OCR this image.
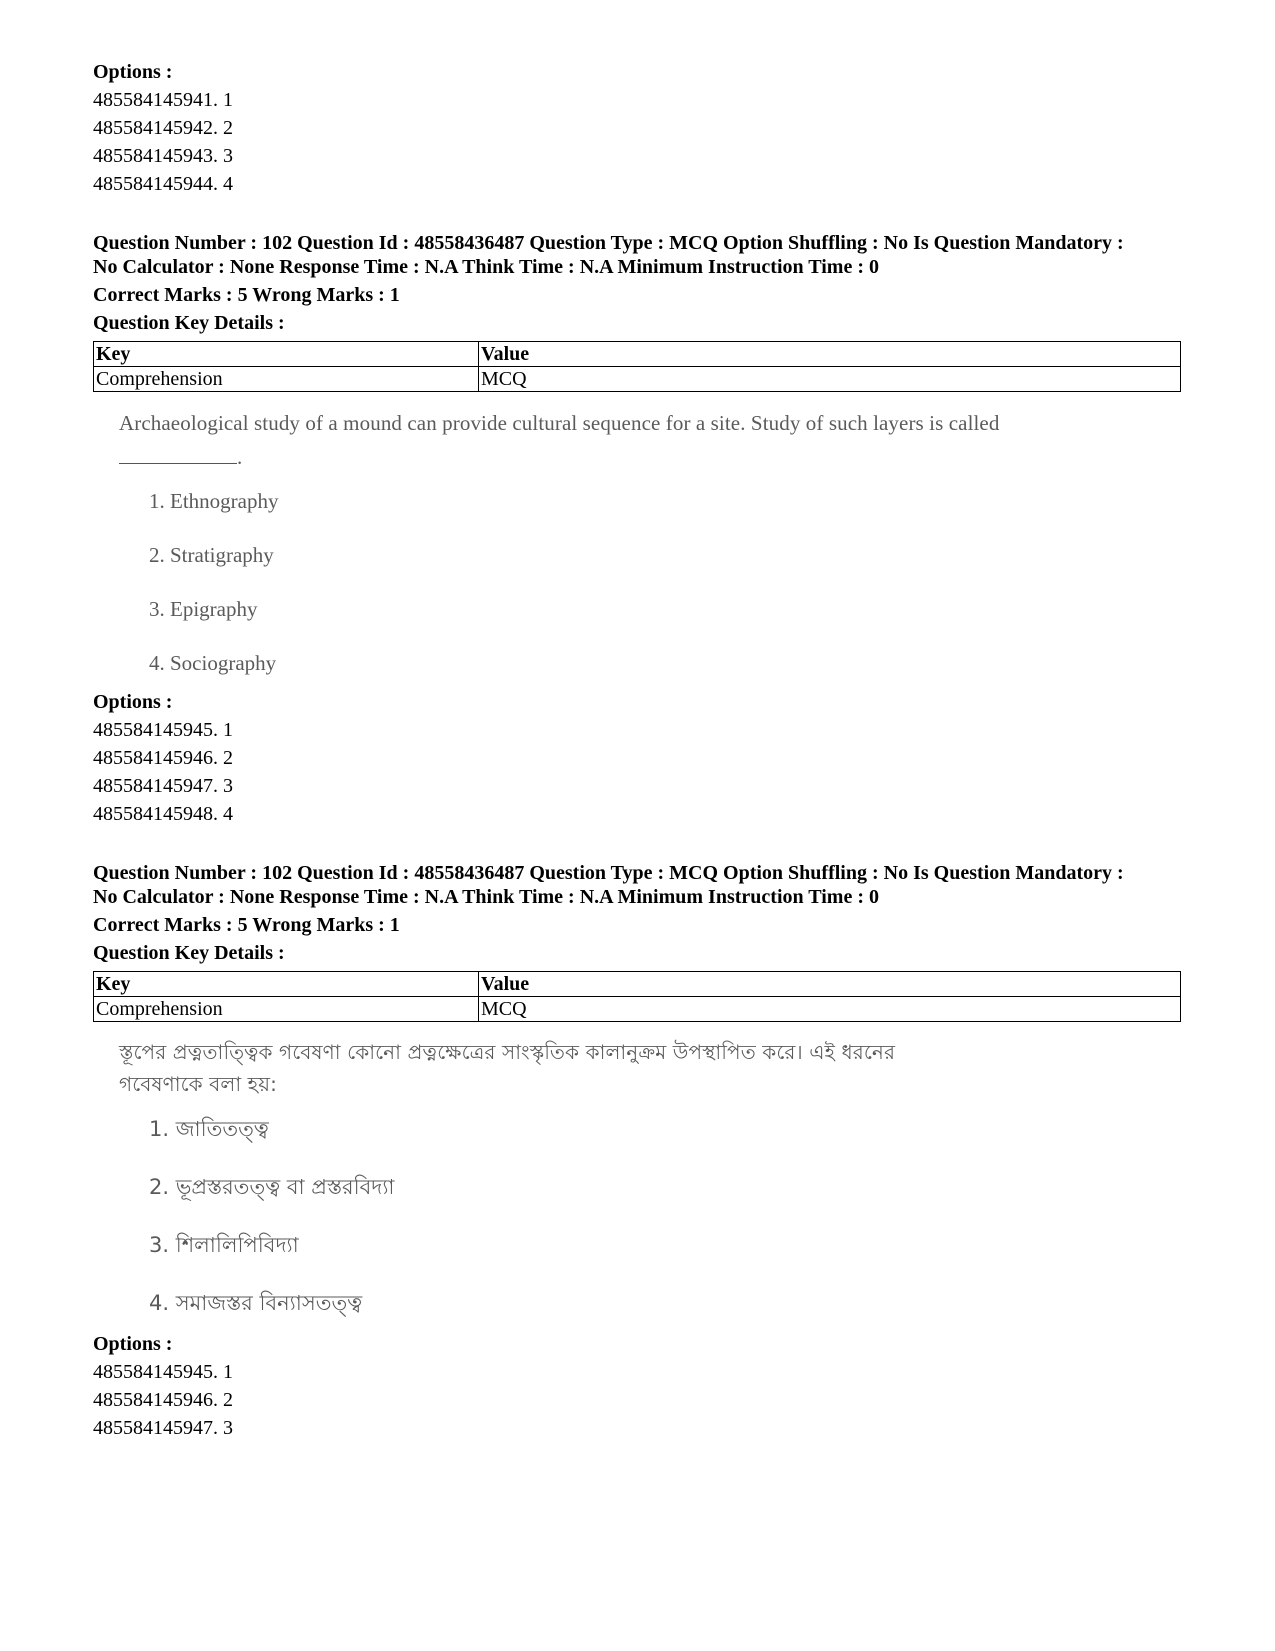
Options :

485584145941. 1

485584145942. 2

485584145943. 3

485584145944. 4

Question Number : 102 Question Id : 48558436487 Question Type : MCQ Option Shuffling : No Is Question Mandatory :
No Calculator : None Response Time : N.A Think Time : N.A Minimum Instruction Time : 0

Correct Marks : 5 Wrong Marks : 1

Question Key Details :

Key	Value
Comprehension	MCQ

Archaeological study of a mound can provide cultural sequence for a site. Study of such layers is called
.

1. Ethnography
2. Stratigraphy
3. Epigraphy
4. Sociography

Options :

485584145945. 1

485584145946. 2

485584145947. 3

485584145948. 4

Question Number : 102 Question Id : 48558436487 Question Type : MCQ Option Shuffling : No Is Question Mandatory :
No Calculator : None Response Time : N.A Think Time : N.A Minimum Instruction Time : 0

Correct Marks : 5 Wrong Marks : 1

Question Key Details :

Key	Value
Comprehension	MCQ

স্তূপের প্রত্নতাত্ত্বিক গবেষণা কোনো প্রত্নক্ষেত্রের সাংস্কৃতিক কালানুক্রম উপস্থাপিত করে। এই ধরনের
গবেষণাকে বলা হয়:

1. জাতিতত্ত্ব
2. ভূপ্রস্তরতত্ত্ব বা প্রস্তরবিদ্যা
3. শিলালিপিবিদ্যা
4. সমাজস্তর বিন্যাসতত্ত্ব

Options :

485584145945. 1

485584145946. 2

485584145947. 3
